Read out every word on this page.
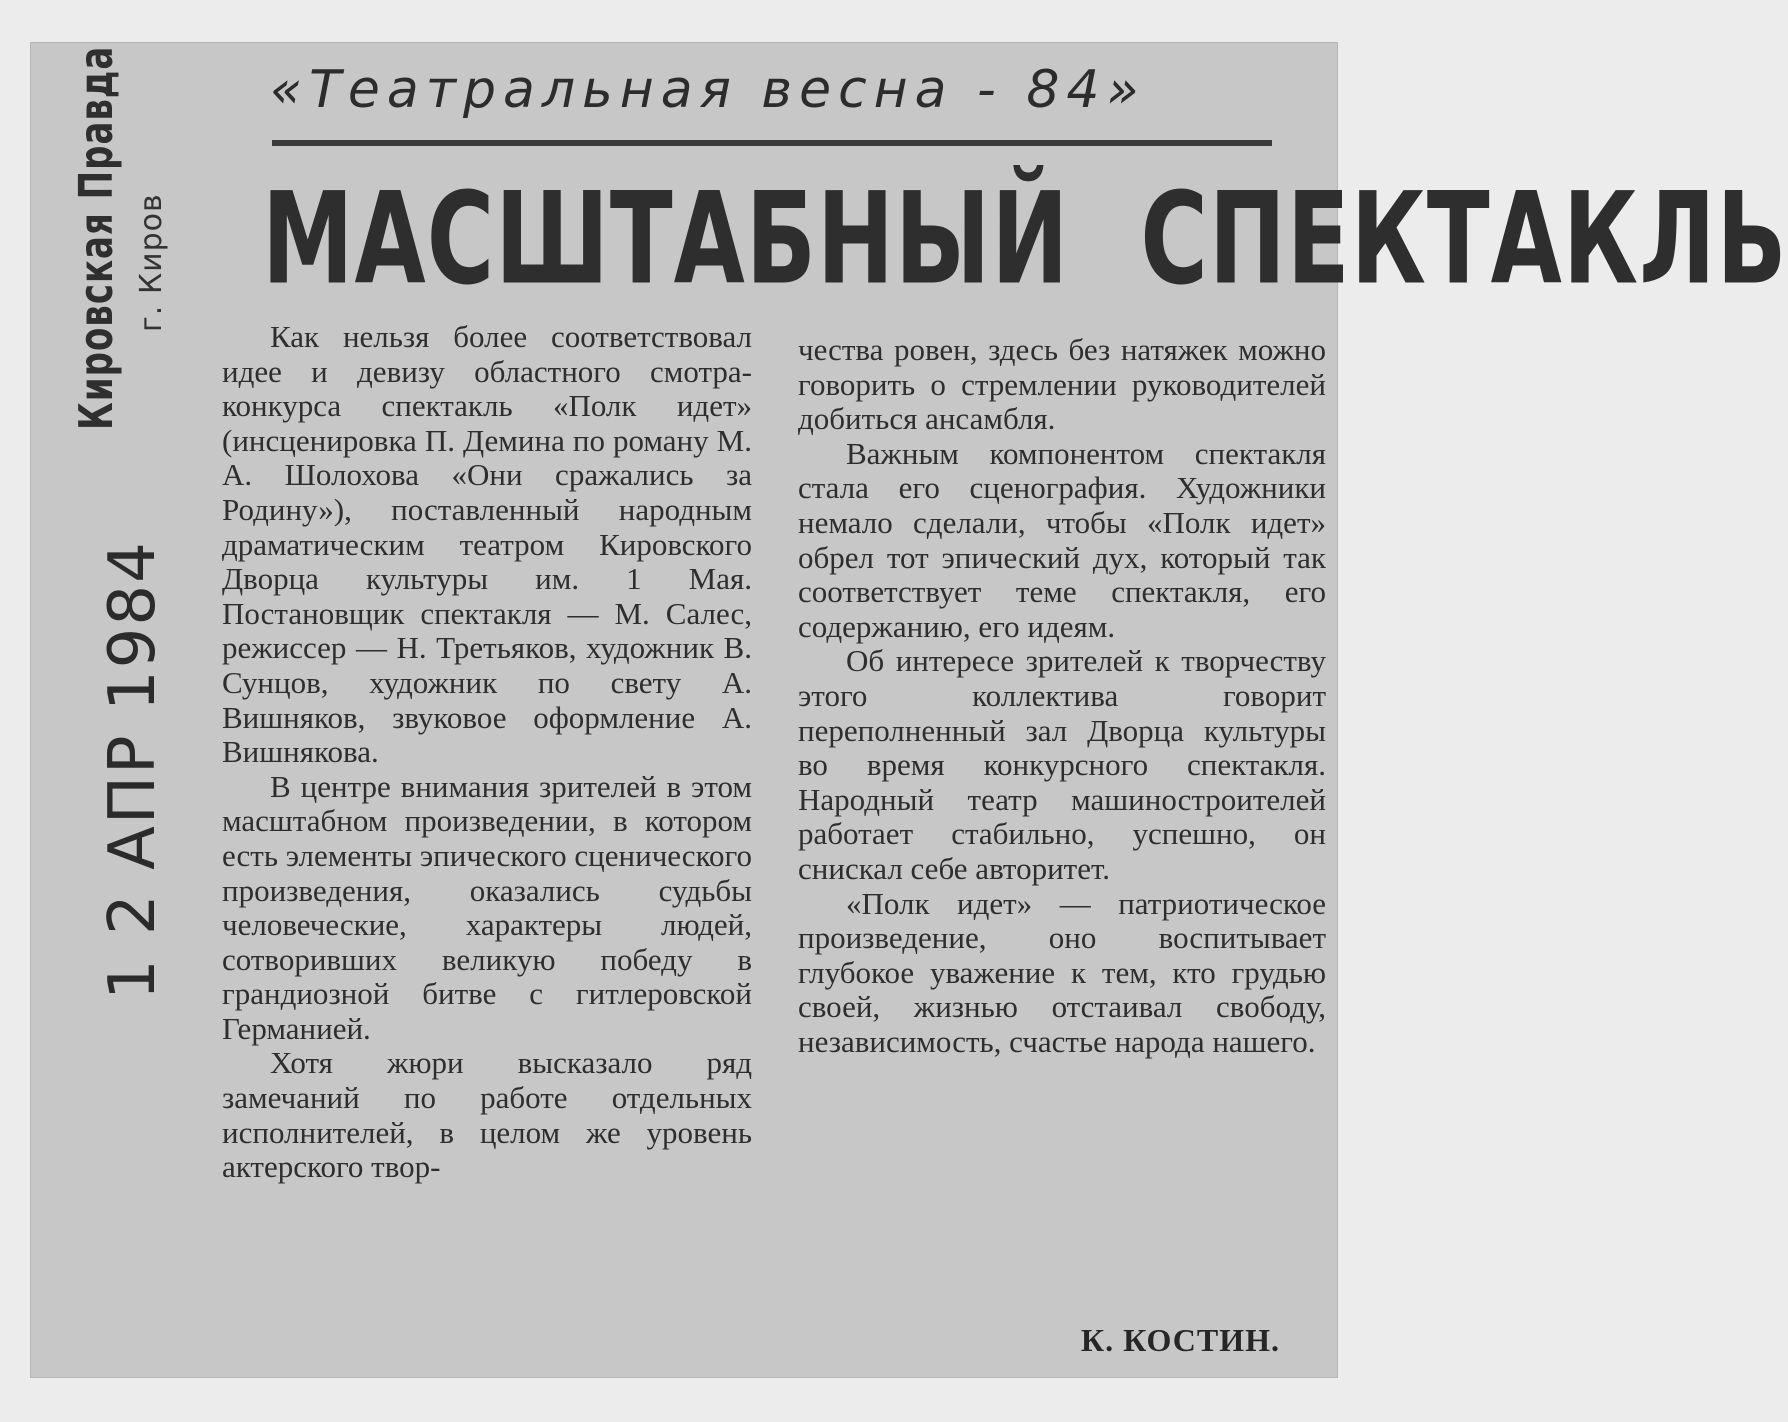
Кировская Правда г. Киров
1 2 АПР 1984
«Театральная весна - 84»
МАСШТАБНЫЙ СПЕКТАКЛЬ

Как нельзя более соответствовал идее и девизу областного смотра-конкурса спектакль «Полк идет» (инсценировка П. Демина по роману М. А. Шолохова «Они сражались за Родину»), поставленный народным драматическим театром Кировского Дворца культуры им. 1 Мая. Постановщик спектакля — М. Салес, режиссер — Н. Третьяков, художник В. Сунцов, художник по свету А. Вишняков, звуковое оформление А. Вишнякова.

В центре внимания зрителей в этом масштабном произведении, в котором есть элементы эпического сценического произведения, оказались судьбы человеческие, характеры людей, сотворивших великую победу в грандиозной битве с гитлеровской Германией.

Хотя жюри высказало ряд замечаний по работе отдельных исполнителей, в целом же уровень актерского твор-

чества ровен, здесь без натяжек можно говорить о стремлении руководителей добиться ансамбля.

Важным компонентом спектакля стала его сценография. Художники немало сделали, чтобы «Полк идет» обрел тот эпический дух, который так соответствует теме спектакля, его содержанию, его идеям.

Об интересе зрителей к творчеству этого коллектива говорит переполненный зал Дворца культуры во время конкурсного спектакля. Народный театр машиностроителей работает стабильно, успешно, он снискал себе авторитет.

«Полк идет» — патриотическое произведение, оно воспитывает глубокое уважение к тем, кто грудью своей, жизнью отстаивал свободу, независимость, счастье народа нашего.

К. КОСТИН.
